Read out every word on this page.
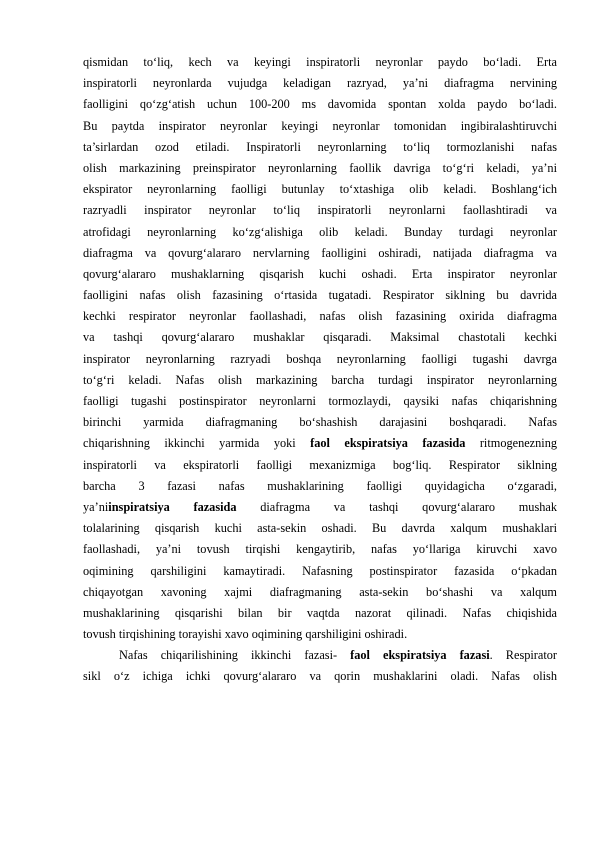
qismidan to‘liq, kech va keyingi inspiratorli neyronlar paydo bo‘ladi. Erta
inspiratorli neyronlarda vujudga keladigan razryad, ya’ni diafragma nervining
faolligini qo‘zg‘atish uchun 100-200 ms davomida spontan xolda paydo bo‘ladi.
Bu paytda inspirator neyronlar keyingi neyronlar tomonidan ingibiralashtiruvchi
ta’sirlardan ozod etiladi. Inspiratorli neyronlarning to‘liq tormozlanishi nafas
olish markazining preinspirator neyronlarning faollik davriga to‘g‘ri keladi, ya’ni
ekspirator neyronlarning faolligi butunlay to‘xtashiga olib keladi. Boshlang‘ich
razryadli inspirator neyronlar to‘liq inspiratorli neyronlarni faollashtiradi va
atrofidagi neyronlarning ko‘zg‘alishiga olib keladi. Bunday turdagi neyronlar
diafragma va qovurg‘alararo nervlarning faolligini oshiradi, natijada diafragma va
qovurg‘alararo mushaklarning qisqarish kuchi oshadi. Erta inspirator neyronlar
faolligini nafas olish fazasining o‘rtasida tugatadi. Respirator siklning bu davrida
kechki respirator neyronlar faollashadi, nafas olish fazasining oxirida diafragma
va tashqi qovurg‘alararo mushaklar qisqaradi. Maksimal chastotali kechki
inspirator neyronlarning razryadi boshqa neyronlarning faolligi tugashi davrga
to‘g‘ri keladi. Nafas olish markazining barcha turdagi inspirator neyronlarning
faolligi tugashi postinspirator neyronlarni tormozlaydi, qaysiki nafas chiqarishning
birinchi yarmida diafragmaning bo‘shashish darajasini boshqaradi. Nafas
chiqarishning ikkinchi yarmida yoki faol ekspiratsiya fazasida ritmogenezning
inspiratorli va ekspiratorli faolligi mexanizmiga bog‘liq. Respirator siklning
barcha 3 fazasi nafas mushaklarining faolligi quyidagicha o‘zgaradi,
ya’niinspiratsiya fazasida diafragma va tashqi qovurg‘alararo mushak
tolalarining qisqarish kuchi asta-sekin oshadi. Bu davrda xalqum mushaklari
faollashadi, ya’ni tovush tirqishi kengaytirib, nafas yo‘llariga kiruvchi xavo
oqimining qarshiligini kamaytiradi. Nafasning postinspirator fazasida o‘pkadan
chiqayotgan xavoning xajmi diafragmaning asta-sekin bo‘shashi va xalqum
mushaklarining qisqarishi bilan bir vaqtda nazorat qilinadi. Nafas chiqishida
tovush tirqishining torayishi xavo oqimining qarshiligini oshiradi.
Nafas chiqarilishining ikkinchi fazasi- faol ekspiratsiya fazasi. Respirator
sikl o‘z ichiga ichki qovurg‘alararo va qorin mushaklarini oladi. Nafas olish
